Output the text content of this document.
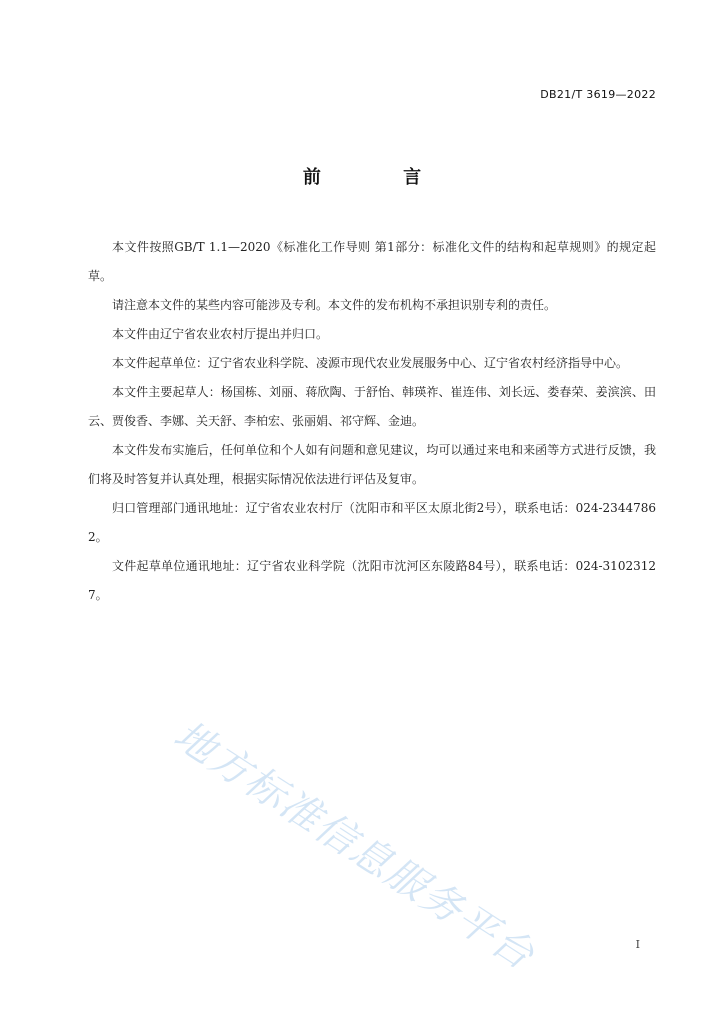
DB21/T 3619—2022
前 言

本文件按照GB/T 1.1—2020《标准化工作导则 第1部分：标准化文件的结构和起草规则》的规定起草。

请注意本文件的某些内容可能涉及专利。本文件的发布机构不承担识别专利的责任。

本文件由辽宁省农业农村厅提出并归口。

本文件起草单位：辽宁省农业科学院、凌源市现代农业发展服务中心、辽宁省农村经济指导中心。

本文件主要起草人：杨国栋、刘丽、蒋欣陶、于舒怡、韩瑛祚、崔连伟、刘长远、娄春荣、姜滨滨、田云、贾俊香、李娜、关天舒、李柏宏、张丽娟、祁守辉、金迪。

本文件发布实施后，任何单位和个人如有问题和意见建议，均可以通过来电和来函等方式进行反馈，我们将及时答复并认真处理，根据实际情况依法进行评估及复审。

归口管理部门通讯地址：辽宁省农业农村厅（沈阳市和平区太原北街2号），联系电话：024-23447862。

文件起草单位通讯地址：辽宁省农业科学院（沈阳市沈河区东陵路84号），联系电话：024-31023127。

地方标准信息服务平台	I
